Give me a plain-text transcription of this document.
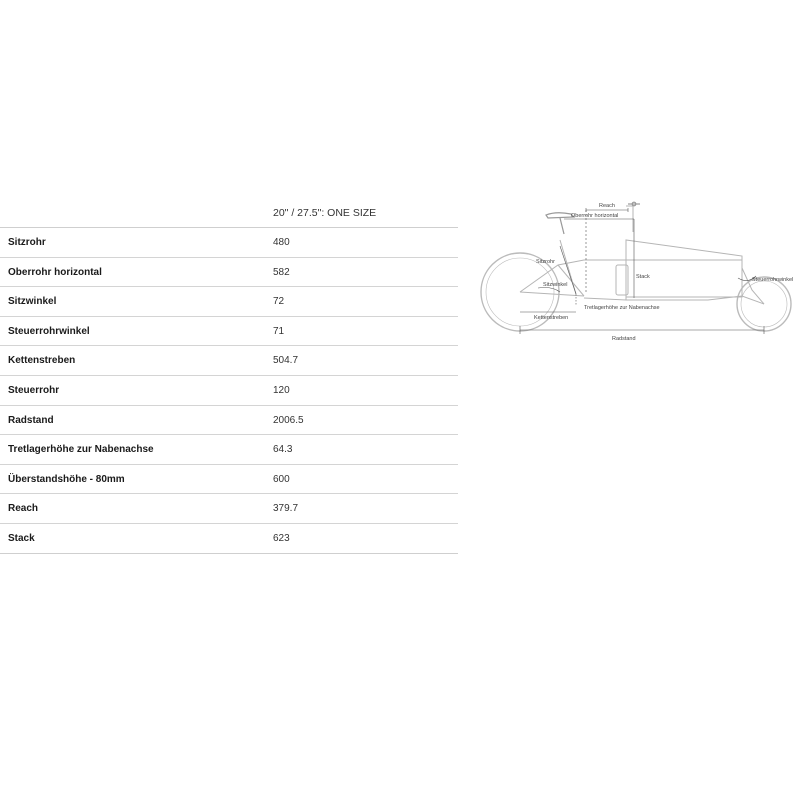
20" / 27.5": ONE SIZE
Sitzrohr	480
Oberrohr horizontal	582
Sitzwinkel	72
Steuerrohrwinkel	71
Kettenstreben	504.7
Steuerrohr	120
Radstand	2006.5
Tretlagerhöhe zur Nabenachse	64.3
Überstandshöhe - 80mm	600
Reach	379.7
Stack	623
Reach
Oberrohr horizontal
Sitzrohr
Stack
Sitzwinkel
Steuerrohrwinkel
Kettenstreben
Tretlagerhöhe zur Nabenachse
Radstand
